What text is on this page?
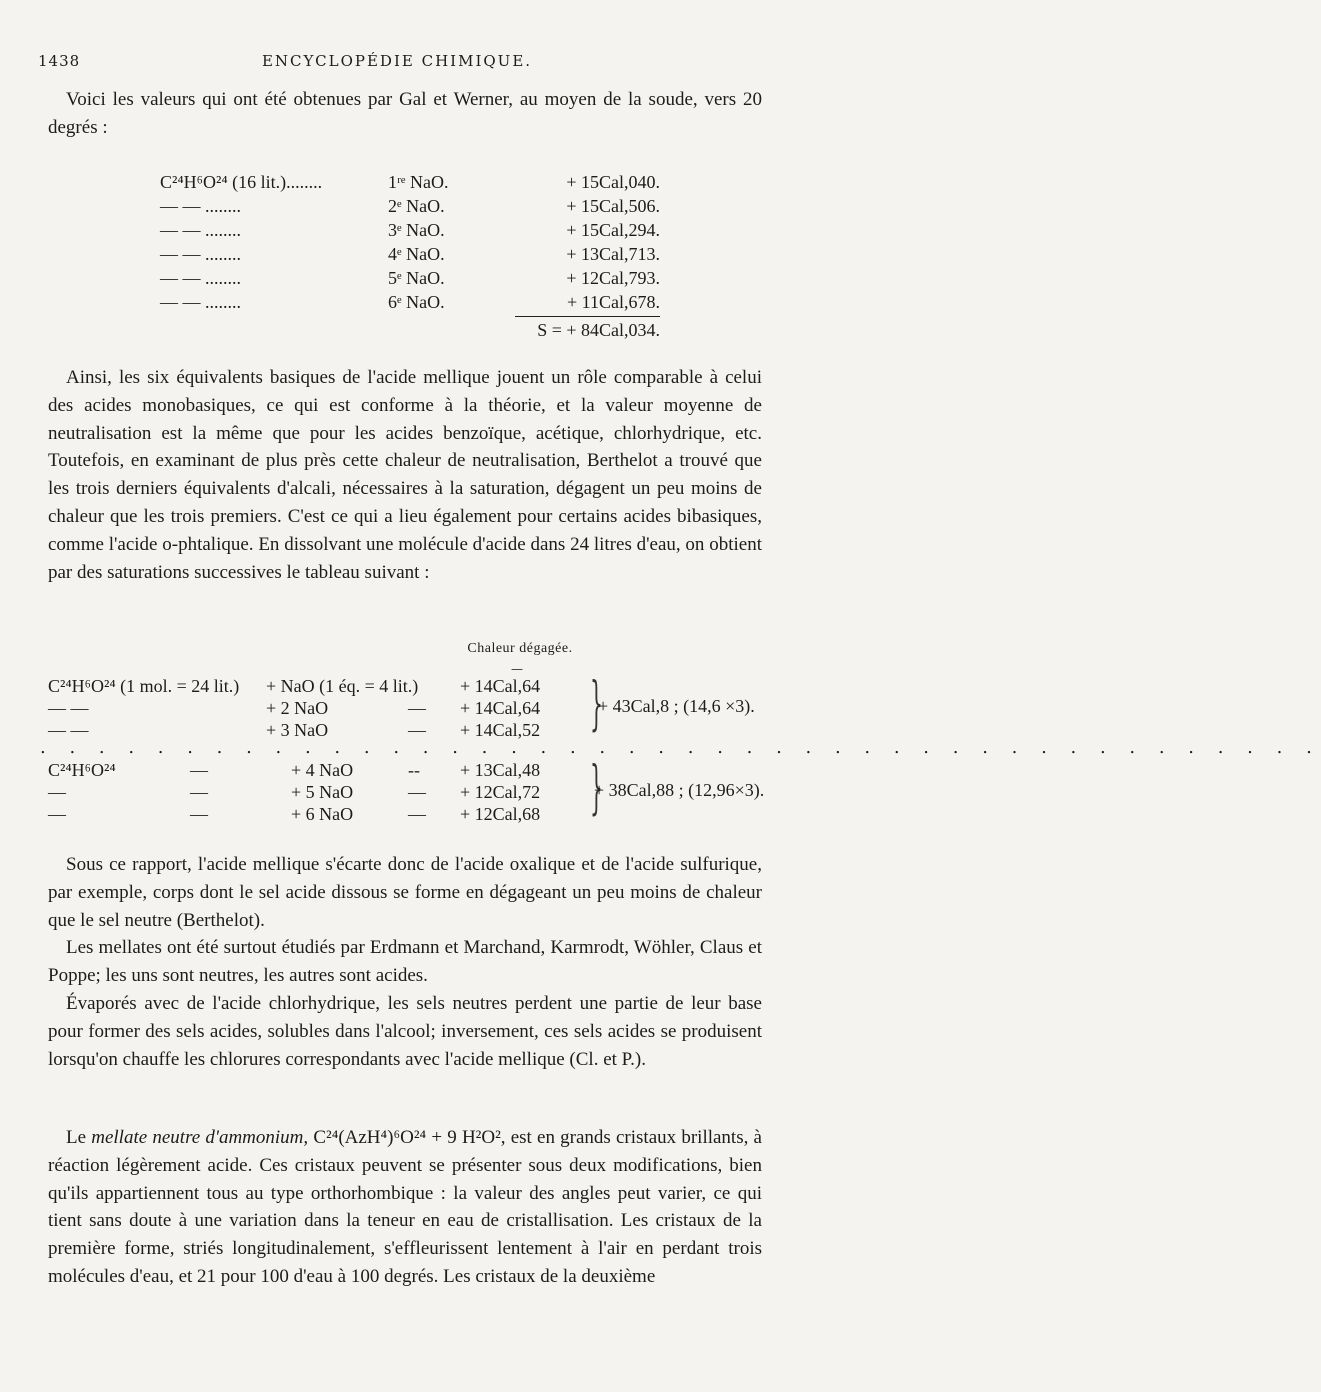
1438	ENCYCLOPÉDIE CHIMIQUE.
Voici les valeurs qui ont été obtenues par Gal et Werner, au moyen de la soude, vers 20 degrés :
C²⁴H⁶O²⁴ (16 lit.)........	1ʳᵉ NaO.	+ 15Cal,040.
— — ........	2ᵉ NaO.	+ 15Cal,506.
— — ........	3ᵉ NaO.	+ 15Cal,294.
— — ........	4ᵉ NaO.	+ 13Cal,713.
— — ........	5ᵉ NaO.	+ 12Cal,793.
— — ........	6ᵉ NaO.	+ 11Cal,678.
S = + 84Cal,034.
Ainsi, les six équivalents basiques de l'acide mellique jouent un rôle comparable à celui des acides monobasiques, ce qui est conforme à la théorie, et la valeur moyenne de neutralisation est la même que pour les acides benzoïque, acétique, chlorhydrique, etc. Toutefois, en examinant de plus près cette chaleur de neutralisation, Berthelot a trouvé que les trois derniers équivalents d'alcali, nécessaires à la saturation, dégagent un peu moins de chaleur que les trois premiers. C'est ce qui a lieu également pour certains acides bibasiques, comme l'acide o-phtalique. En dissolvant une molécule d'acide dans 24 litres d'eau, on obtient par des saturations successives le tableau suivant :
Chaleur dégagée.
—
C²⁴H⁶O²⁴ (1 mol. = 24 lit.) + NaO (1 éq. = 4 lit.) + 14Cal,64
— —	+ 2 NaO	— + 14Cal,64
— —	+ 3 NaO	— + 14Cal,52 }
+ 43Cal,8 ; (14,6 ×3).
. . . . . . . . . . . . . . . . . . . . . . . . . . . . . . . . . . . . . . . . . . . .
C²⁴H⁶O²⁴	—	+ 4 NaO	-- + 13Cal,48
—	—	+ 5 NaO	— + 12Cal,72
—	—	+ 6 NaO	— + 12Cal,68 }
+ 38Cal,88 ; (12,96×3).
Sous ce rapport, l'acide mellique s'écarte donc de l'acide oxalique et de l'acide sulfurique, par exemple, corps dont le sel acide dissous se forme en dégageant un peu moins de chaleur que le sel neutre (Berthelot).
Les mellates ont été surtout étudiés par Erdmann et Marchand, Karmrodt, Wöhler, Claus et Poppe; les uns sont neutres, les autres sont acides.
Évaporés avec de l'acide chlorhydrique, les sels neutres perdent une partie de leur base pour former des sels acides, solubles dans l'alcool; inversement, ces sels acides se produisent lorsqu'on chauffe les chlorures correspondants avec l'acide mellique (Cl. et P.).
Le mellate neutre d'ammonium, C²⁴(AzH⁴)⁶O²⁴ + 9 H²O², est en grands cristaux brillants, à réaction légèrement acide. Ces cristaux peuvent se présenter sous deux modifications, bien qu'ils appartiennent tous au type orthorhombique : la valeur des angles peut varier, ce qui tient sans doute à une variation dans la teneur en eau de cristallisation. Les cristaux de la première forme, striés longitudinalement, s'effleurissent lentement à l'air en perdant trois molécules d'eau, et 21 pour 100 d'eau à 100 degrés. Les cristaux de la deuxième
